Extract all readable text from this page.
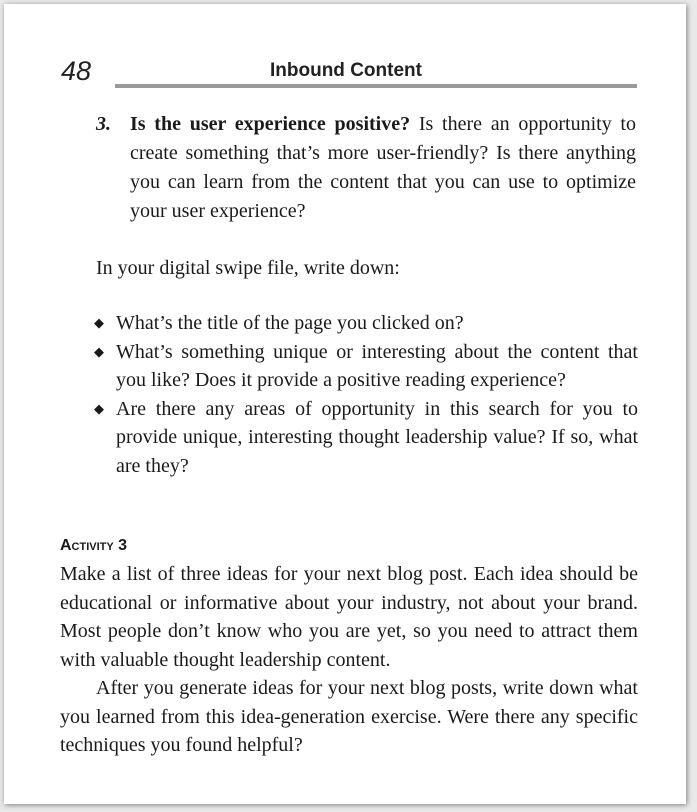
48	Inbound Content
3. Is the user experience positive? Is there an opportunity to create something that’s more user-friendly? Is there anything you can learn from the content that you can use to optimize your user experience?
In your digital swipe file, write down:
◆ What’s the title of the page you clicked on?
◆ What’s something unique or interesting about the content that you like? Does it provide a positive reading experience?
◆ Are there any areas of opportunity in this search for you to provide unique, interesting thought leadership value? If so, what are they?
Activity 3

Make a list of three ideas for your next blog post. Each idea should be educational or informative about your industry, not about your brand. Most people don’t know who you are yet, so you need to attract them with valuable thought leadership content.

After you generate ideas for your next blog posts, write down what you learned from this idea-generation exercise. Were there any specific techniques you found helpful?
